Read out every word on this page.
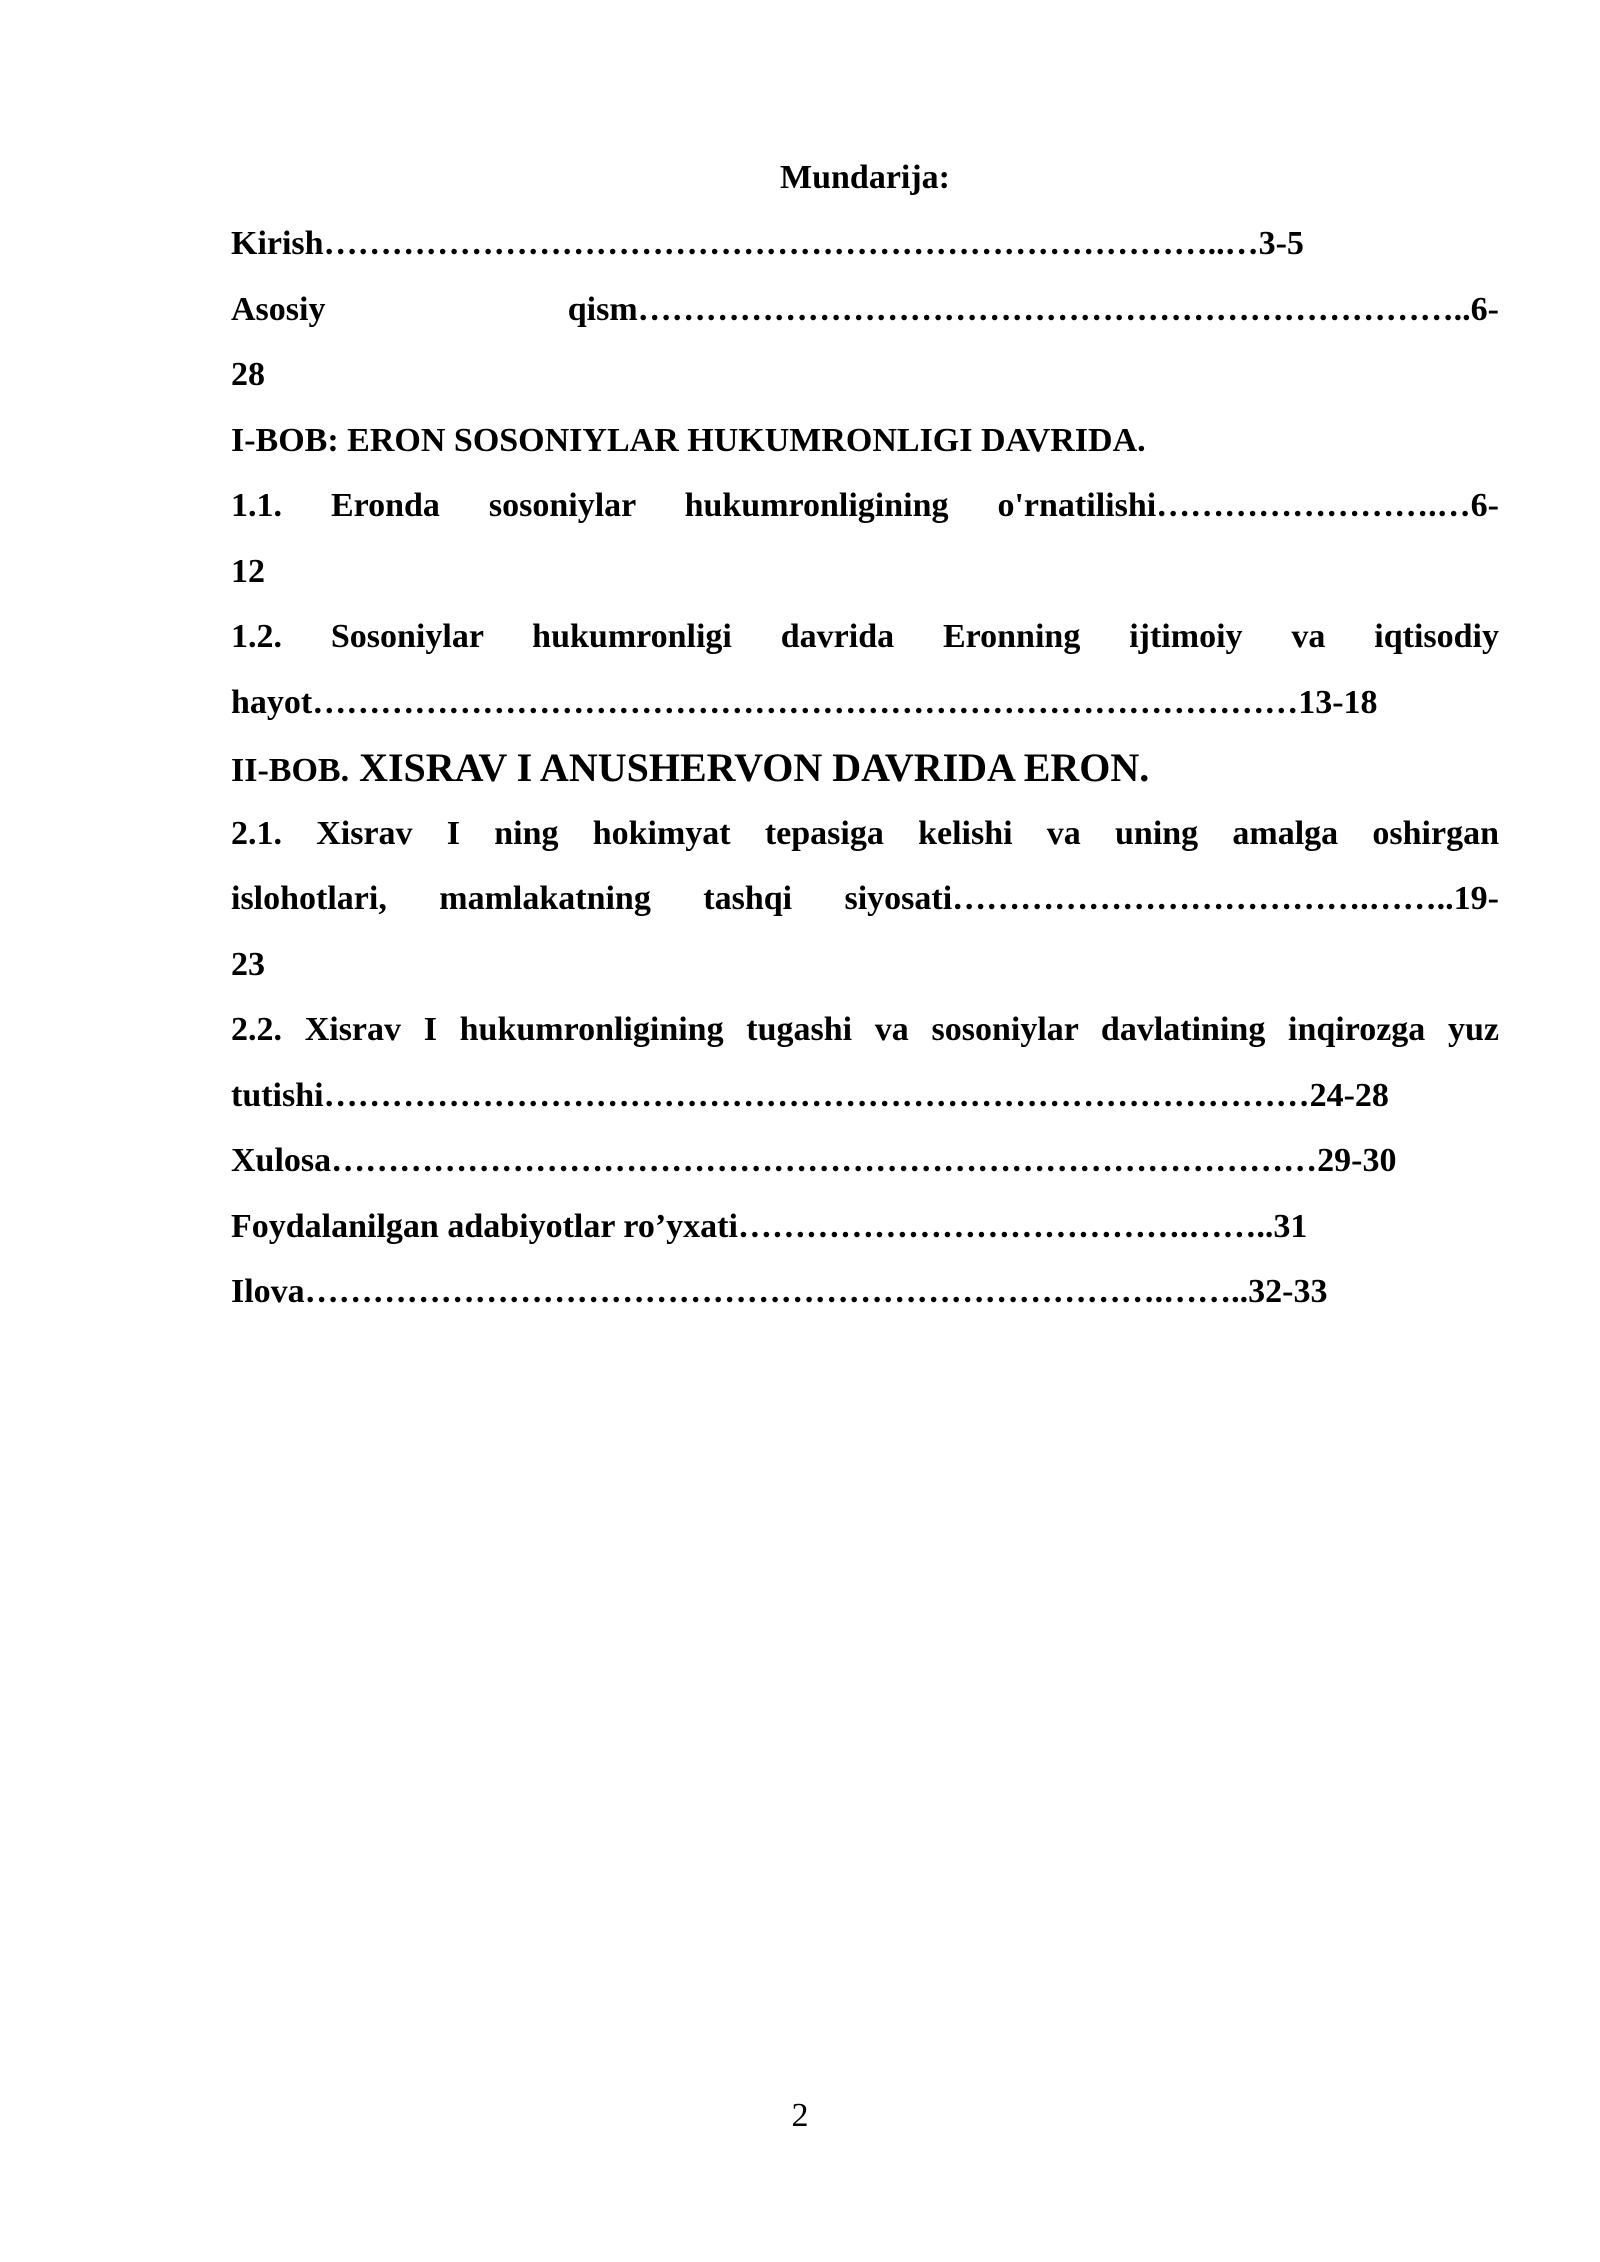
Mundarija:
Kirish……………………………………………………………………..…3-5
Asosiy qism………………………………………………………………..6-
28
I-BOB: ERON SOSONIYLAR HUKUMRONLIGI DAVRIDA.
1.1. Eronda sosoniylar hukumronligining o'rnatilishi…………………….…6-
12
1.2. Sosoniylar hukumronligi davrida Eronning ijtimoiy va iqtisodiy
hayot……………………………………………………………………………13-18
II-BOB. XISRAV I ANUSHERVON DAVRIDA ERON.
2.1. Xisrav I ning hokimyat tepasiga kelishi va uning amalga oshirgan
islohotlari, mamlakatning tashqi siyosati……………………………….……..19-
23
2.2. Xisrav I hukumronligining tugashi va sosoniylar davlatining inqirozga yuz
tutishi……………………………………………………………………………24-28
Xulosa……………………………………………………………………………29-30
Foydalanilgan adabiyotlar ro’yxati………………………………….……..31
Ilova………………………………………………………………….……..32-33
2
